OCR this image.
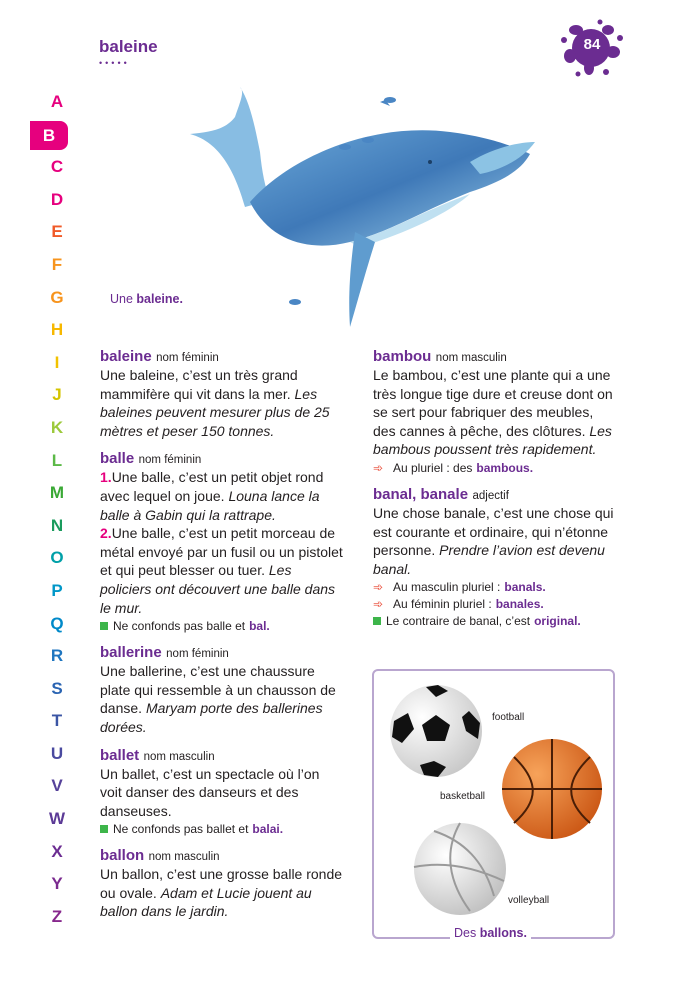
baleine
•••••
84
A
B
C
D
E
F
G
H
I
J
K
L
M
N
O
P
Q
R
S
T
U
V
W
X
Y
Z
Une baleine.
baleine nom féminin
Une baleine, c’est un très grand mammifère qui vit dans la mer. Les baleines peuvent mesurer plus de 25 mètres et peser 150 tonnes.
balle nom féminin
1.Une balle, c’est un petit objet rond avec lequel on joue. Louna lance la balle à Gabin qui la rattrape.
2.Une balle, c’est un petit morceau de métal envoyé par un fusil ou un pistolet et qui peut blesser ou tuer. Les policiers ont découvert une balle dans le mur.
Ne confonds pas balle et bal.
ballerine nom féminin
Une ballerine, c’est une chaussure plate qui ressemble à un chausson de danse. Maryam porte des ballerines dorées.
ballet nom masculin
Un ballet, c’est un spectacle où l’on voit danser des danseurs et des danseuses.
Ne confonds pas ballet et balai.
ballon nom masculin
Un ballon, c’est une grosse balle ronde ou ovale. Adam et Lucie jouent au ballon dans le jardin.
bambou nom masculin
Le bambou, c’est une plante qui a une très longue tige dure et creuse dont on se sert pour fabriquer des meubles, des cannes à pêche, des clôtures. Les bambous poussent très rapidement.
➾ Au pluriel : des bambous.
banal, banale adjectif
Une chose banale, c’est une chose qui est courante et ordinaire, qui n’étonne personne. Prendre l’avion est devenu banal.
➾ Au masculin pluriel : banals.
➾ Au féminin pluriel : banales.
Le contraire de banal, c’est original.
football
basketball
volleyball
Des ballons.
